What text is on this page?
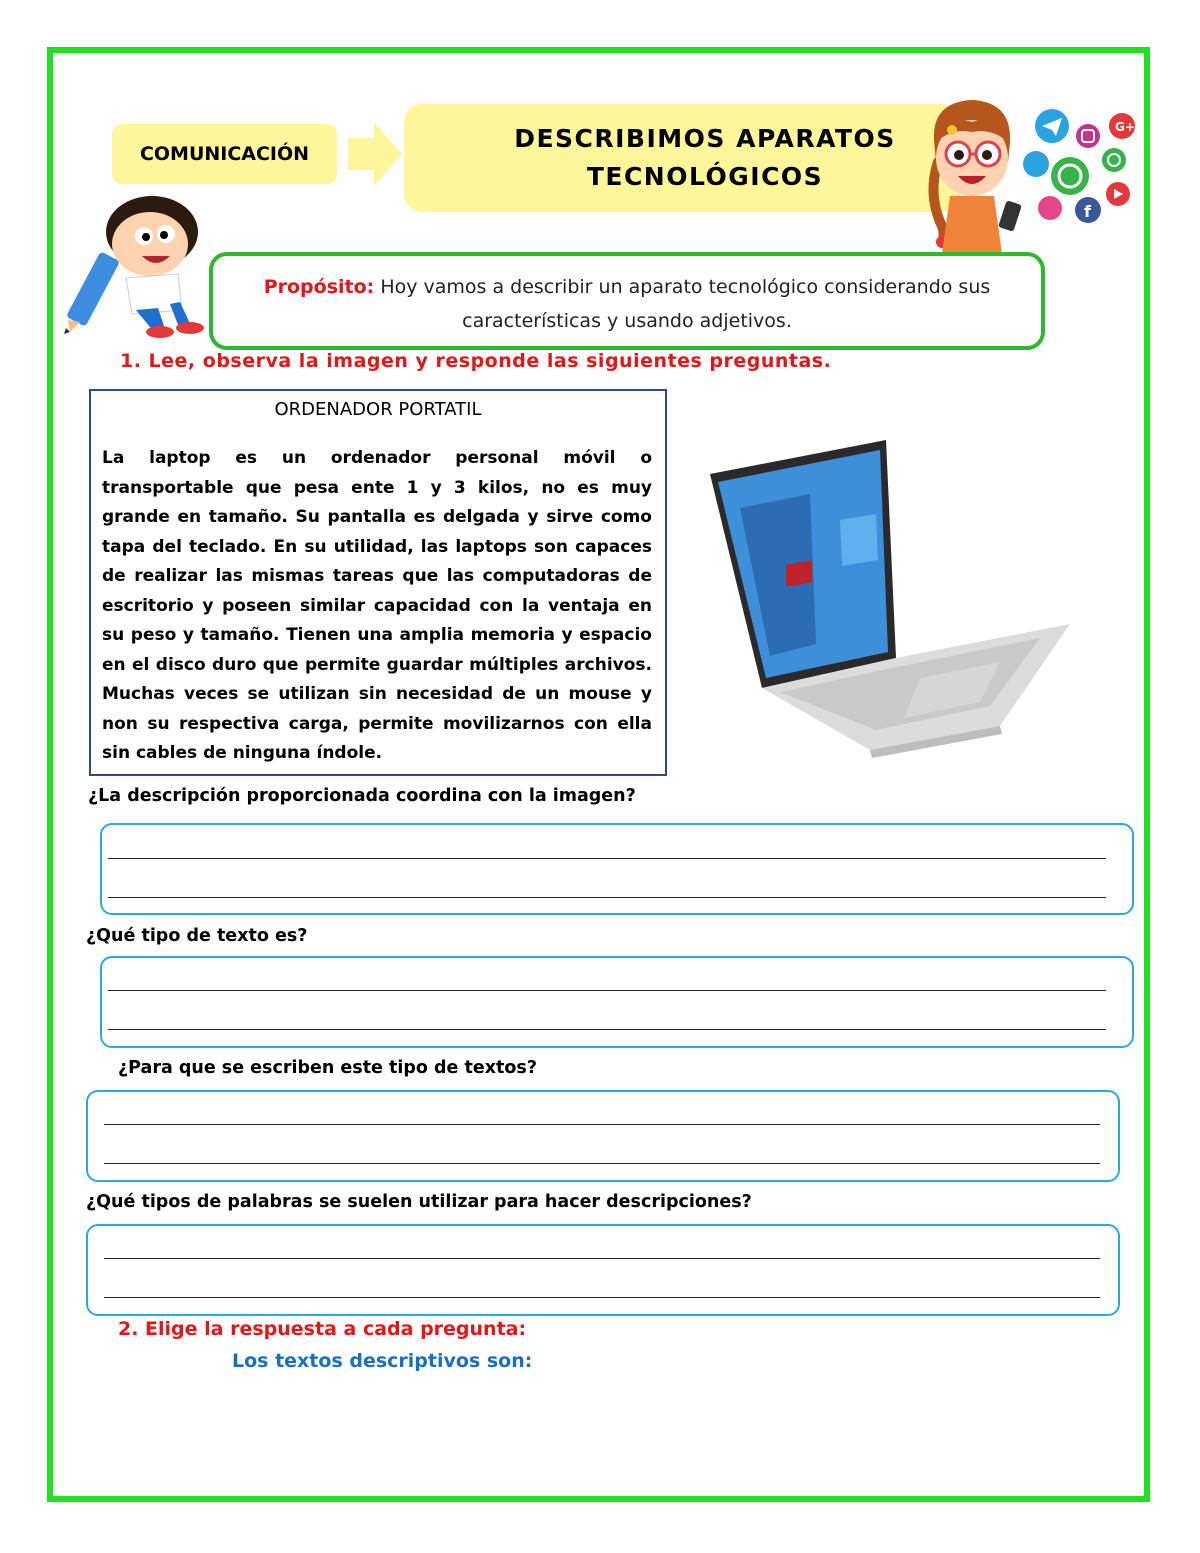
COMUNICACIÓN
DESCRIBIMOS APARATOS
TECNOLÓGICOS
G+
f
Propósito: Hoy vamos a describir un aparato tecnológico considerando sus características y usando adjetivos.
1. Lee, observa la imagen y responde las siguientes preguntas.
ORDENADOR PORTATIL
La laptop es un ordenador personal móvil o transportable que pesa ente 1 y 3 kilos, no es muy grande en tamaño. Su pantalla es delgada y sirve como tapa del teclado. En su utilidad, las laptops son capaces de realizar las mismas tareas que las computadoras de escritorio y poseen similar capacidad con la ventaja en su peso y tamaño. Tienen una amplia memoria y espacio en el disco duro que permite guardar múltiples archivos. Muchas veces se utilizan sin necesidad de un mouse y non su respectiva carga, permite movilizarnos con ella sin cables de ninguna índole.
¿La descripción proporcionada coordina con la imagen?
¿Qué tipo de texto es?
¿Para que se escriben este tipo de textos?
¿Qué tipos de palabras se suelen utilizar para hacer descripciones?
2. Elige la respuesta a cada pregunta:
Los textos descriptivos son:
